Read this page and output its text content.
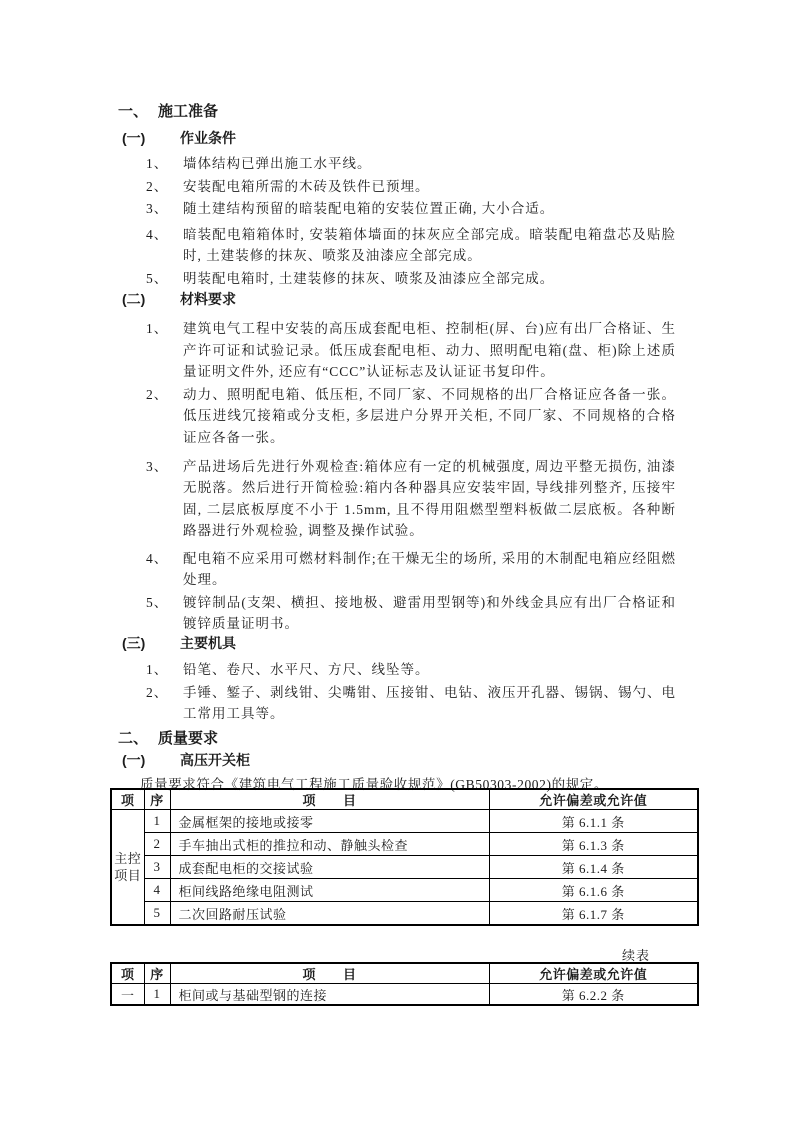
一、 施工准备
(一) 作业条件
1、	墙体结构已弹出施工水平线。
2、	安装配电箱所需的木砖及铁件已预埋。
3、	随土建结构预留的暗装配电箱的安装位置正确, 大小合适。
4、	暗装配电箱箱体时, 安装箱体墙面的抹灰应全部完成。暗装配电箱盘芯及贴脸时, 土建装修的抹灰、喷浆及油漆应全部完成。
5、	明装配电箱时, 土建装修的抹灰、喷浆及油漆应全部完成。
(二) 材料要求
1、	建筑电气工程中安装的高压成套配电柜、控制柜(屏、台)应有出厂合格证、生产许可证和试验记录。低压成套配电柜、动力、照明配电箱(盘、柜)除上述质量证明文件外, 还应有“CCC”认证标志及认证证书复印件。
2、	动力、照明配电箱、低压柜, 不同厂家、不同规格的出厂合格证应各备一张。低压进线冗接箱或分支柜, 多层进户分界开关柜, 不同厂家、不同规格的合格证应各备一张。
3、	产品进场后先进行外观检查:箱体应有一定的机械强度, 周边平整无损伤, 油漆无脱落。然后进行开简检验:箱内各种器具应安装牢固, 导线排列整齐, 压接牢固, 二层底板厚度不小于 1.5mm, 且不得用阻燃型塑料板做二层底板。各种断路器进行外观检验, 调整及操作试验。
4、	配电箱不应采用可燃材料制作;在干燥无尘的场所, 采用的木制配电箱应经阻燃处理。
5、	镀锌制品(支架、横担、接地极、避雷用型钢等)和外线金具应有出厂合格证和镀锌质量证明书。
(三) 主要机具
1、	铅笔、卷尺、水平尺、方尺、线坠等。
2、	手锤、錾子、剥线钳、尖嘴钳、压接钳、电钻、液压开孔器、锡锅、锡勺、电工常用工具等。
二、 质量要求
(一) 高压开关柜
质量要求符合《建筑电气工程施工质量验收规范》(GB50303-2002)的规定。
项	序	项　　目	允许偏差或允许值
主控项目	1	金属框架的接地或接零	第 6.1.1 条
	2	手车抽出式柜的推拉和动、静触头检查	第 6.1.3 条
	3	成套配电柜的交接试验	第 6.1.4 条
	4	柜间线路绝缘电阻测试	第 6.1.6 条
	5	二次回路耐压试验	第 6.1.7 条
续表
项	序	项　　目	允许偏差或允许值
一	1	柜间或与基础型钢的连接	第 6.2.2 条
